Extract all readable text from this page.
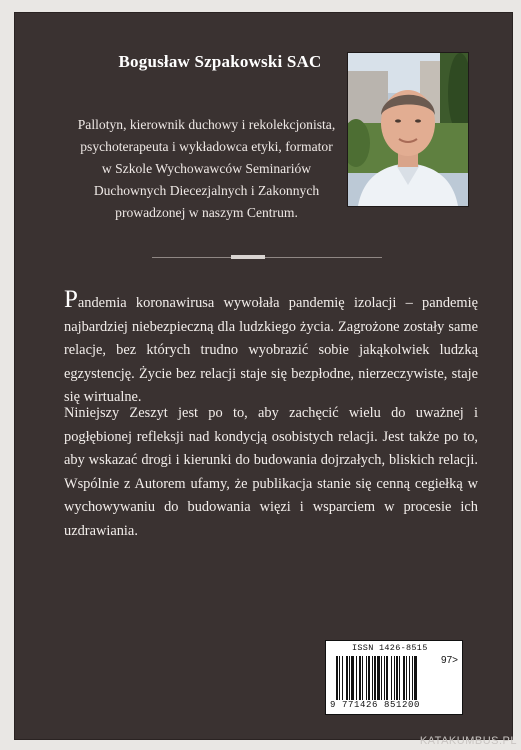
Bogusław Szpakowski SAC
Pallotyn, kierownik duchowy i rekolekcjonista, psychoterapeuta i wykładowca etyki, formator w Szkole Wychowawców Seminariów Duchownych Diecezjalnych i Zakonnych prowadzonej w naszym Centrum.

Pandemia koronawirusa wywołała pandemię izolacji – pandemię najbardziej niebezpieczną dla ludzkiego życia. Zagrożone zostały same relacje, bez których trudno wyobrazić sobie jakąkolwiek ludzką egzystencję. Życie bez relacji staje się bezpłodne, nierzeczywiste, staje się wirtualne.

Niniejszy Zeszyt jest po to, aby zachęcić wielu do uważnej i pogłębionej refleksji nad kondycją osobistych relacji. Jest także po to, aby wskazać drogi i kierunki do budowania dojrzałych, bliskich relacji. Wspólnie z Autorem ufamy, że publikacja stanie się cenną cegiełką w wychowywaniu do budowania więzi i wsparciem w procesie ich uzdrawiania.

ISSN 1426-8515
97>
9 771426 851200
KATAKUMBUS.PL
